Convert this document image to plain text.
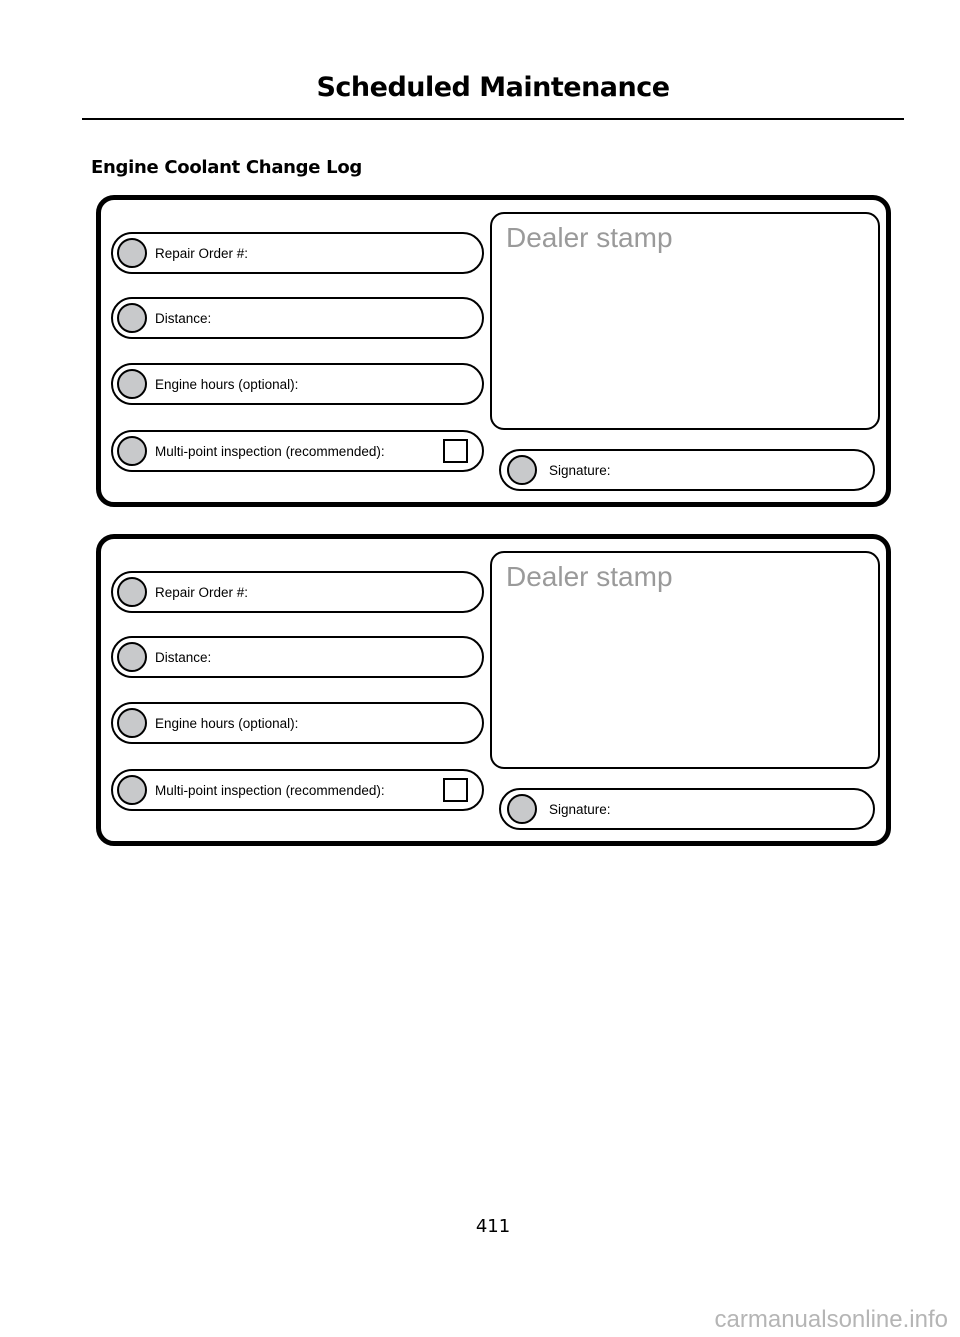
Scheduled Maintenance
Engine Coolant Change Log
Repair Order #:
Distance:
Engine hours (optional):
Multi-point inspection (recommended):
Dealer stamp
Signature:
Repair Order #:
Distance:
Engine hours (optional):
Multi-point inspection (recommended):
Dealer stamp
Signature:
411
carmanualsonline.info
